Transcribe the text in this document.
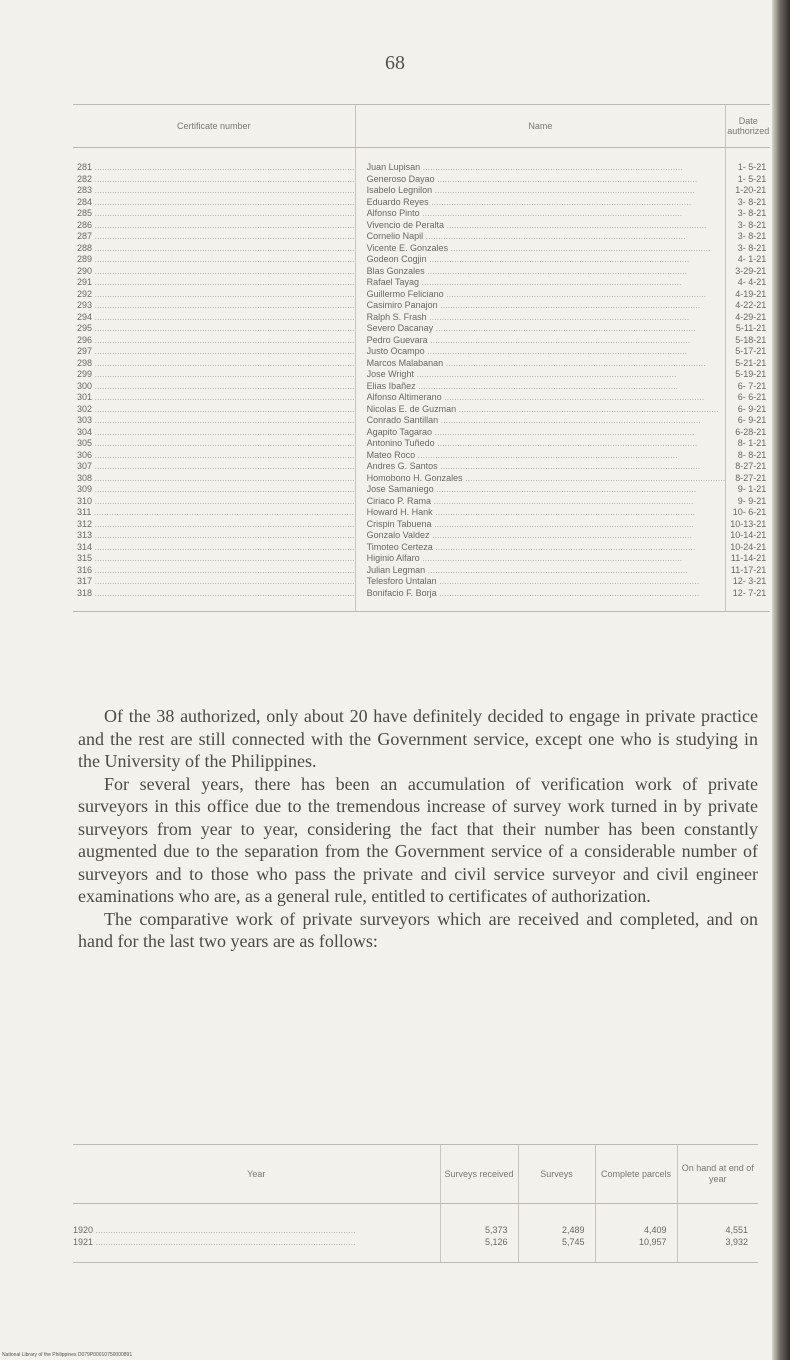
68
Certificate number	Name	Date authorized
281 .....	Juan Lupisan .....	1- 5-21
282 .....	Generoso Dayao .....	1- 5-21
283 .....	Isabelo Legnilon .....	1-20-21
284 .....	Eduardo Reyes .....	3- 8-21
285 .....	Alfonso Pinto .....	3- 8-21
286 .....	Vivencio de Peralta .....	3- 8-21
287 .....	Cornelio Napil .....	3- 8-21
288 .....	Vicente E. Gonzales .....	3- 8-21
289 .....	Godeon Cogjin .....	4- 1-21
290 .....	Blas Gonzales .....	3-29-21
291 .....	Rafael Tayag .....	4- 4-21
292 .....	Guillermo Feliciano .....	4-19-21
293 .....	Casimiro Panajon .....	4-22-21
294 .....	Ralph S. Frash .....	4-29-21
295 .....	Severo Dacanay .....	5-11-21
296 .....	Pedro Guevara .....	5-18-21
297 .....	Justo Ocampo .....	5-17-21
298 .....	Marcos Malabanan .....	5-21-21
299 .....	Jose Wright .....	5-19-21
300 .....	Elias Ibañez .....	6- 7-21
301 .....	Alfonso Altimerano .....	6- 6-21
302 .....	Nicolas E. de Guzman .....	6- 9-21
303 .....	Conrado Santillan .....	6- 9-21
304 .....	Agapito Tagarao .....	6-28-21
305 .....	Antonino Tuñedo .....	8- 1-21
306 .....	Mateo Roco .....	8- 8-21
307 .....	Andres G. Santos .....	8-27-21
308 .....	Homobono H. Gonzales .....	8-27-21
309 .....	Jose Samaniego .....	9- 1-21
310 .....	Ciriaco P. Rama .....	9- 9-21
311 .....	Howard H. Hank .....	10- 6-21
312 .....	Crispin Tabuena .....	10-13-21
313 .....	Gonzalo Valdez .....	10-14-21
314 .....	Timoteo Certeza .....	10-24-21
315 .....	Higinio Alfaro .....	11-14-21
316 .....	Julian Legman .....	11-17-21
317 .....	Telesforo Untalan .....	12- 3-21
318 .....	Bonifacio F. Borja .....	12- 7-21

Of the 38 authorized, only about 20 have definitely decided to engage in private practice and the rest are still connected with the Government service, except one who is studying in the University of the Philippines.

For several years, there has been an accumulation of verification work of private surveyors in this office due to the tremendous increase of survey work turned in by private surveyors from year to year, considering the fact that their number has been constantly augmented due to the separation from the Government service of a considerable number of surveyors and to those who pass the private and civil service surveyor and civil engineer examinations who are, as a general rule, entitled to certificates of authorization.

The comparative work of private surveyors which are received and completed, and on hand for the last two years are as follows:

Year	Surveys received	Surveys	Complete parcels	On hand at end of year
1920 .....	5,373	2,489	4,409	4,551
1921 .....	5,126	5,745	10,957	3,932
National Library of the Philippines D079P00010750000891
